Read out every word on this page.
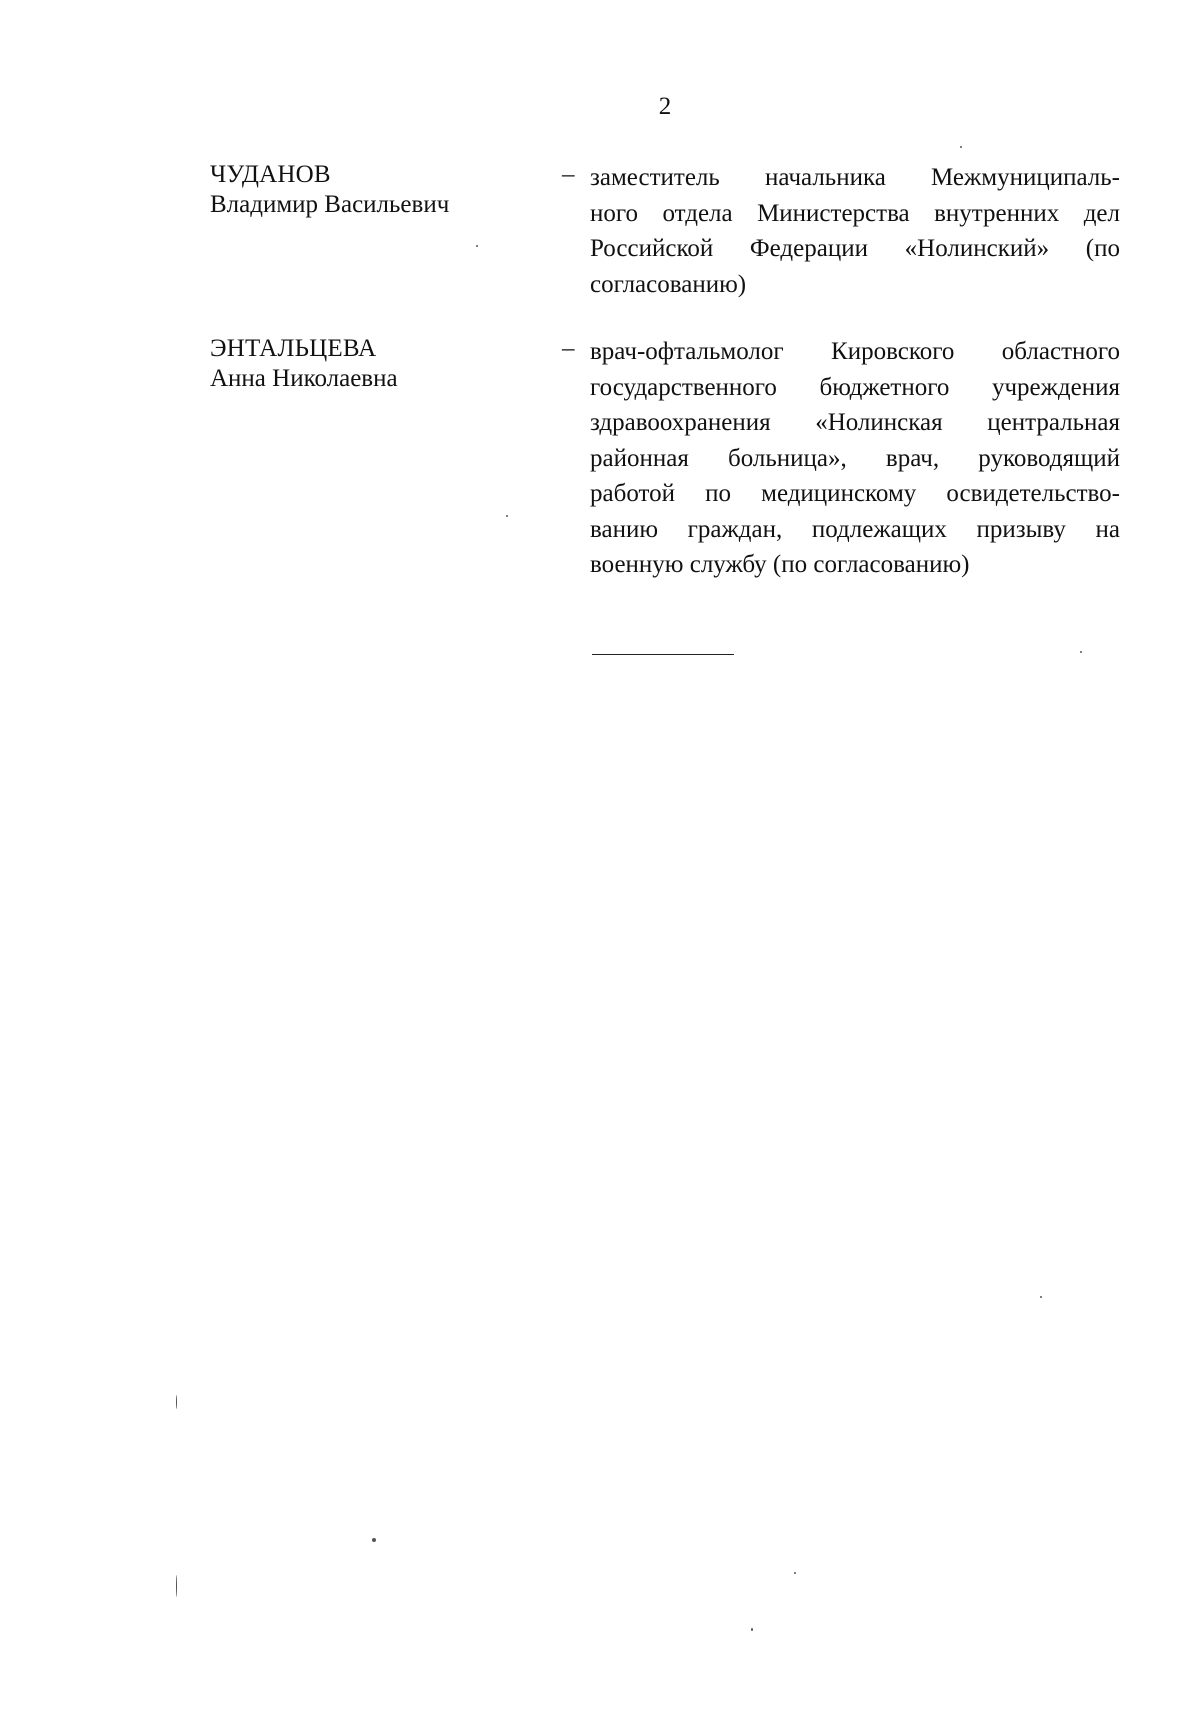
2
ЧУДАНОВ
Владимир Васильевич
– заместитель начальника Межмуниципаль-
ного отдела Министерства внутренних дел
Российской Федерации «Нолинский» (по
согласованию)
ЭНТАЛЬЦЕВА
Анна Николаевна
– врач-офтальмолог Кировского областного
государственного бюджетного учреждения
здравоохранения «Нолинская центральная
районная больница», врач, руководящий
работой по медицинскому освидетельство-
ванию граждан, подлежащих призыву на
военную службу (по согласованию)
